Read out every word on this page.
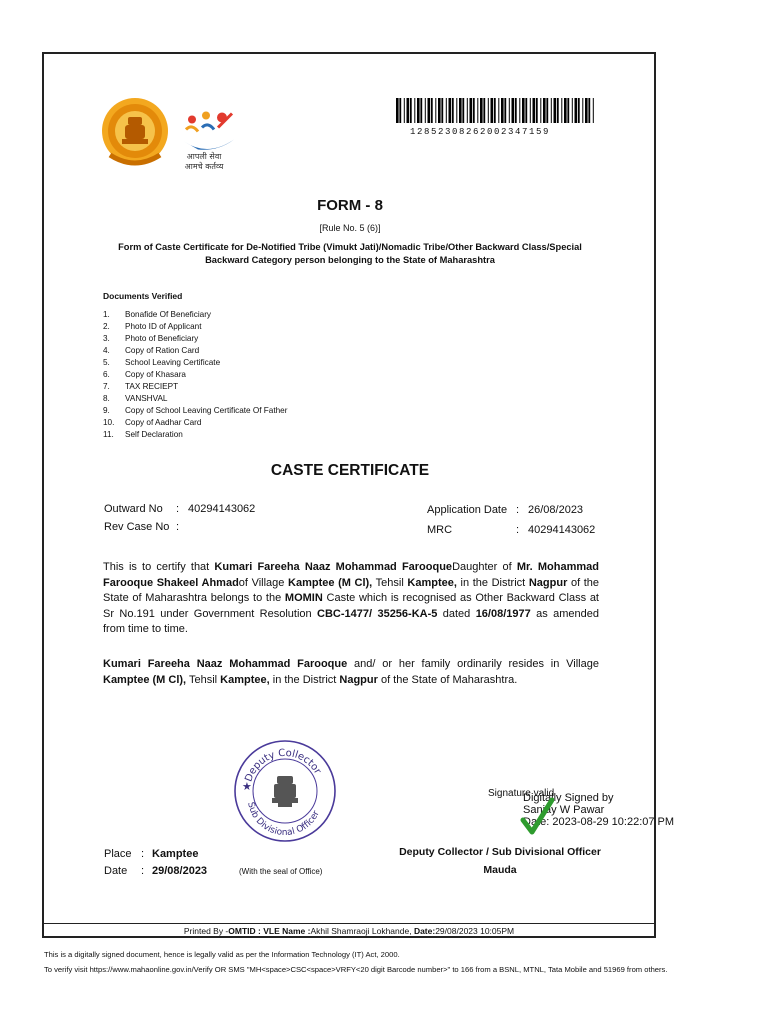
आपली सेवा
आमचे कर्तव्य
12852308262002347159
FORM - 8
[Rule No. 5 (6)]
Form of Caste Certificate for De-Notified Tribe (Vimukt Jati)/Nomadic Tribe/Other Backward Class/Special Backward Category person belonging to the State of Maharashtra
Documents Verified
1. Bonafide Of Beneficiary
2. Photo ID of Applicant
3. Photo of Beneficiary
4. Copy of Ration Card
5. School Leaving Certificate
6. Copy of Khasara
7. TAX RECIEPT
8. VANSHVAL
9. Copy of School Leaving Certificate Of Father
10. Copy of Aadhar Card
11. Self Declaration
CASTE CERTIFICATE
Outward No : 40294143062
Rev Case No :
Application Date : 26/08/2023
MRC	: 40294143062
This is to certify that Kumari Fareeha Naaz Mohammad FarooqueDaughter of Mr. Mohammad Farooque Shakeel Ahmadof Village Kamptee (M Cl), Tehsil Kamptee, in the District Nagpur of the State of Maharashtra belongs to the MOMIN Caste which is recognised as Other Backward Class at Sr No.191 under Government Resolution CBC-1477/ 35256-KA-5 dated 16/08/1977 as amended from time to time.
Kumari Fareeha Naaz Mohammad Farooque and/ or her family ordinarily resides in Village Kamptee (M Cl), Tehsil Kamptee, in the District Nagpur of the State of Maharashtra.
Deputy Collector
Sub Divisional Officer
★
Signature valid
Digitally Signed by
Sanjay W Pawar
Date: 2023-08-29 10:22:07 PM
Place : Kamptee
Date : 29/08/2023	(With the seal of Office)
Deputy Collector / Sub Divisional Officer
Mauda
Printed By -OMTID : VLE Name :Akhil Shamraoji Lokhande, Date:29/08/2023 10:05PM
This is a digitally signed document, hence is legally valid as per the Information Technology (IT) Act, 2000.
To verify visit https://www.mahaonline.gov.in/Verify OR SMS "MH<space>CSC<space>VRFY<20 digit Barcode number>" to 166 from a BSNL, MTNL, Tata Mobile and 51969 from others.
